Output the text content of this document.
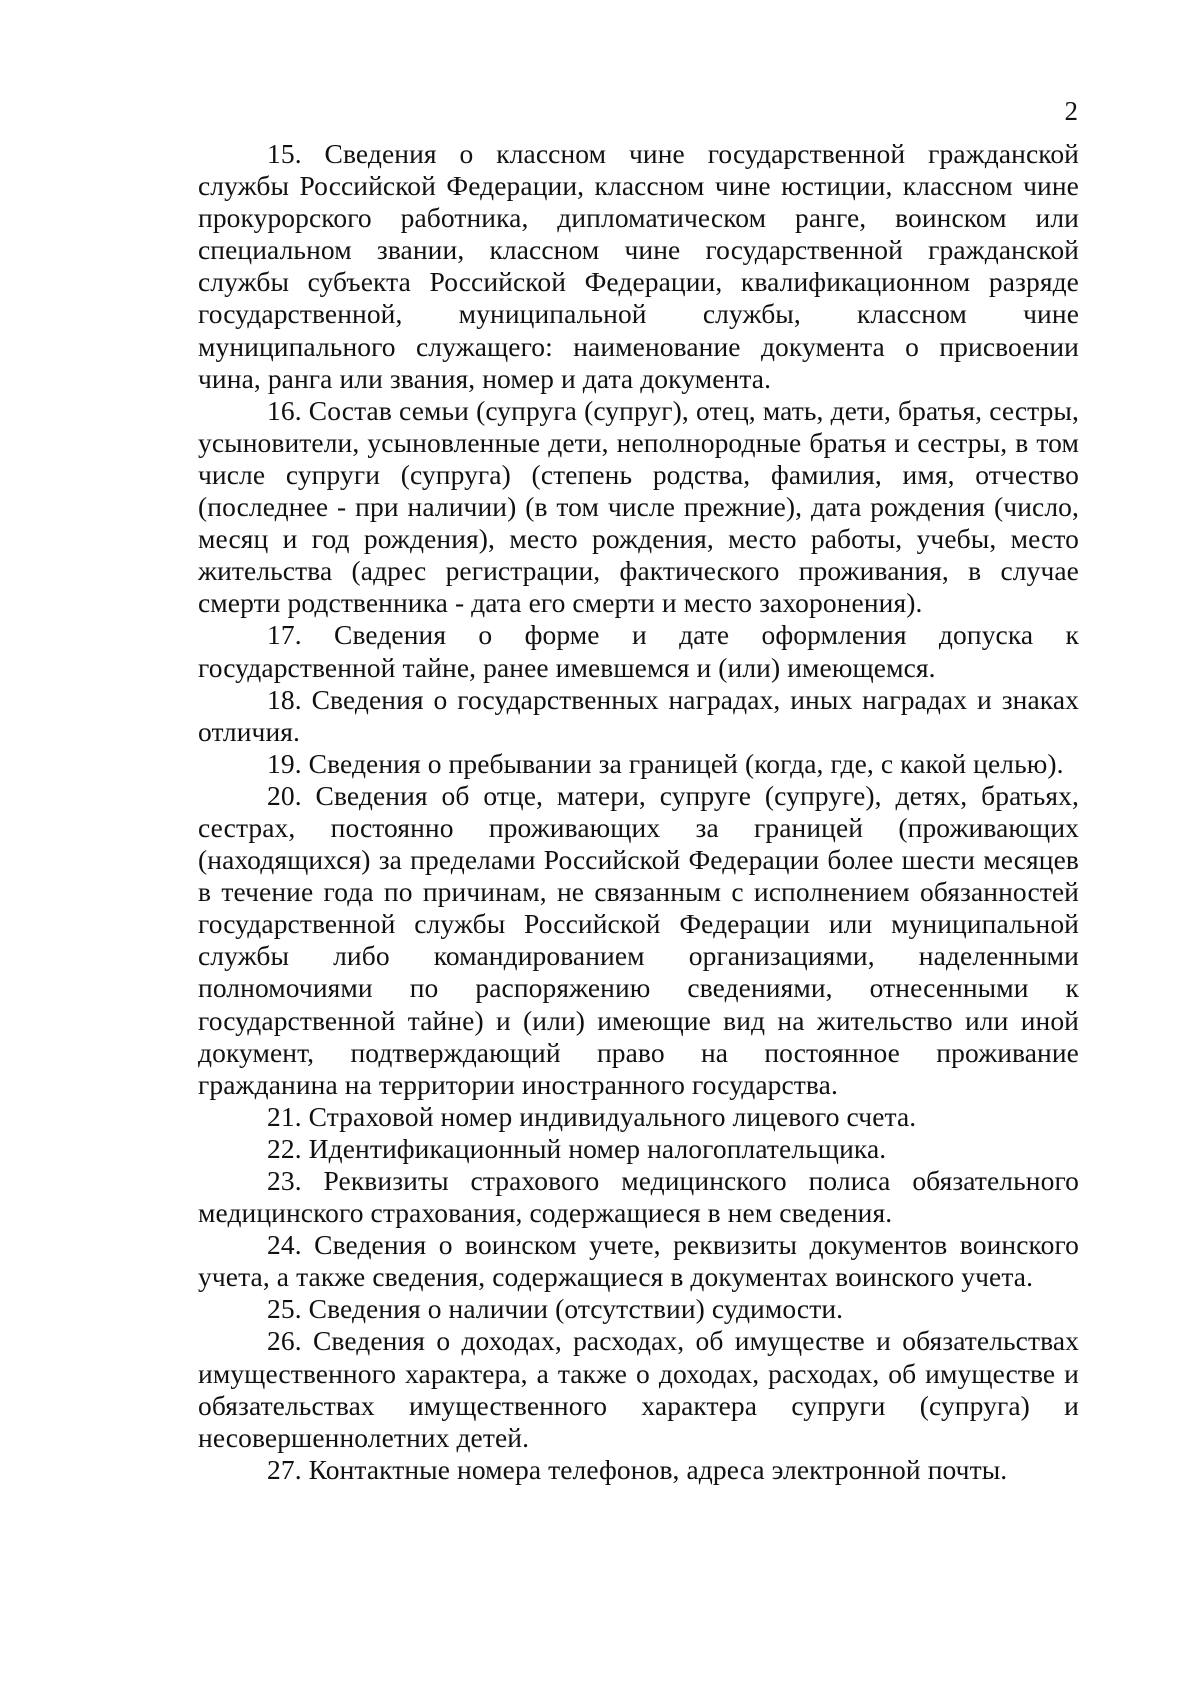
2

15. Сведения о классном чине государственной гражданской службы Российской Федерации, классном чине юстиции, классном чине прокурорского работника, дипломатическом ранге, воинском или специальном звании, классном чине государственной гражданской службы субъекта Российской Федерации, квалификационном разряде государственной, муниципальной службы, классном чине муниципального служащего: наименование документа о присвоении чина, ранга или звания, номер и дата документа.

16. Состав семьи (супруга (супруг), отец, мать, дети, братья, сестры, усыновители, усыновленные дети, неполнородные братья и сестры, в том числе супруги (супруга) (степень родства, фамилия, имя, отчество (последнее - при наличии) (в том числе прежние), дата рождения (число, месяц и год рождения), место рождения, место работы, учебы, место жительства (адрес регистрации, фактического проживания, в случае смерти родственника - дата его смерти и место захоронения).

17. Сведения о форме и дате оформления допуска к государственной тайне, ранее имевшемся и (или) имеющемся.

18. Сведения о государственных наградах, иных наградах и знаках отличия.

19. Сведения о пребывании за границей (когда, где, с какой целью).

20. Сведения об отце, матери, супруге (супруге), детях, братьях, сестрах, постоянно проживающих за границей (проживающих (находящихся) за пределами Российской Федерации более шести месяцев в течение года по причинам, не связанным с исполнением обязанностей государственной службы Российской Федерации или муниципальной службы либо командированием организациями, наделенными полномочиями по распоряжению сведениями, отнесенными к государственной тайне) и (или) имеющие вид на жительство или иной документ, подтверждающий право на постоянное проживание гражданина на территории иностранного государства.

21. Страховой номер индивидуального лицевого счета.

22. Идентификационный номер налогоплательщика.

23. Реквизиты страхового медицинского полиса обязательного медицинского страхования, содержащиеся в нем сведения.

24. Сведения о воинском учете, реквизиты документов воинского учета, а также сведения, содержащиеся в документах воинского учета.

25. Сведения о наличии (отсутствии) судимости.

26. Сведения о доходах, расходах, об имуществе и обязательствах имущественного характера, а также о доходах, расходах, об имуществе и обязательствах имущественного характера супруги (супруга) и несовершеннолетних детей.

27. Контактные номера телефонов, адреса электронной почты.
